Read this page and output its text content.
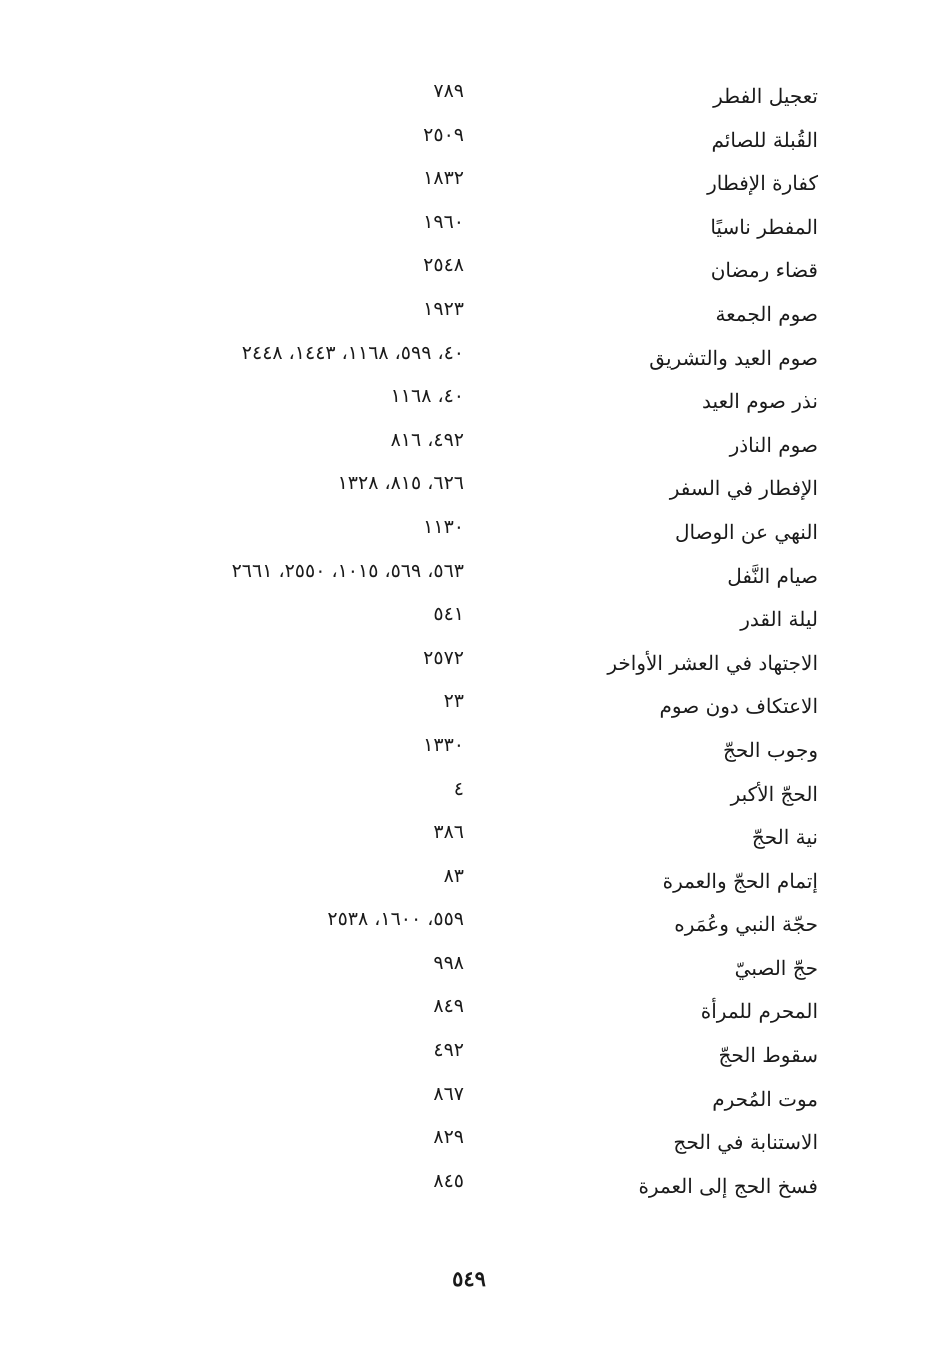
تعجيل الفطر
٧٨٩
القُبلة للصائم
٢٥٠٩
كفارة الإفطار
١٨٣٢
المفطر ناسيًا
١٩٦٠
قضاء رمضان
٢٥٤٨
صوم الجمعة
١٩٢٣
صوم العيد والتشريق
٤٠، ٥٩٩، ١١٦٨، ١٤٤٣، ٢٤٤٨
نذر صوم العيد
٤٠، ١١٦٨
صوم الناذر
٤٩٢، ٨١٦
الإفطار في السفر
٦٢٦، ٨١٥، ١٣٢٨
النهي عن الوصال
١١٣٠
صيام النَّفل
٥٦٣، ٥٦٩، ١٠١٥، ٢٥٥٠، ٢٦٦١
ليلة القدر
٥٤١
الاجتهاد في العشر الأواخر
٢٥٧٢
الاعتكاف دون صوم
٢٣
وجوب الحجّ
١٣٣٠
الحجّ الأكبر
٤
نية الحجّ
٣٨٦
إتمام الحجّ والعمرة
٨٣
حجّة النبي وعُمَره
٥٥٩، ١٦٠٠، ٢٥٣٨
حجّ الصبيّ
٩٩٨
المحرم للمرأة
٨٤٩
سقوط الحجّ
٤٩٢
موت المُحرم
٨٦٧
الاستنابة في الحج
٨٢٩
فسخ الحج إلى العمرة
٨٤٥
٥٤٩
